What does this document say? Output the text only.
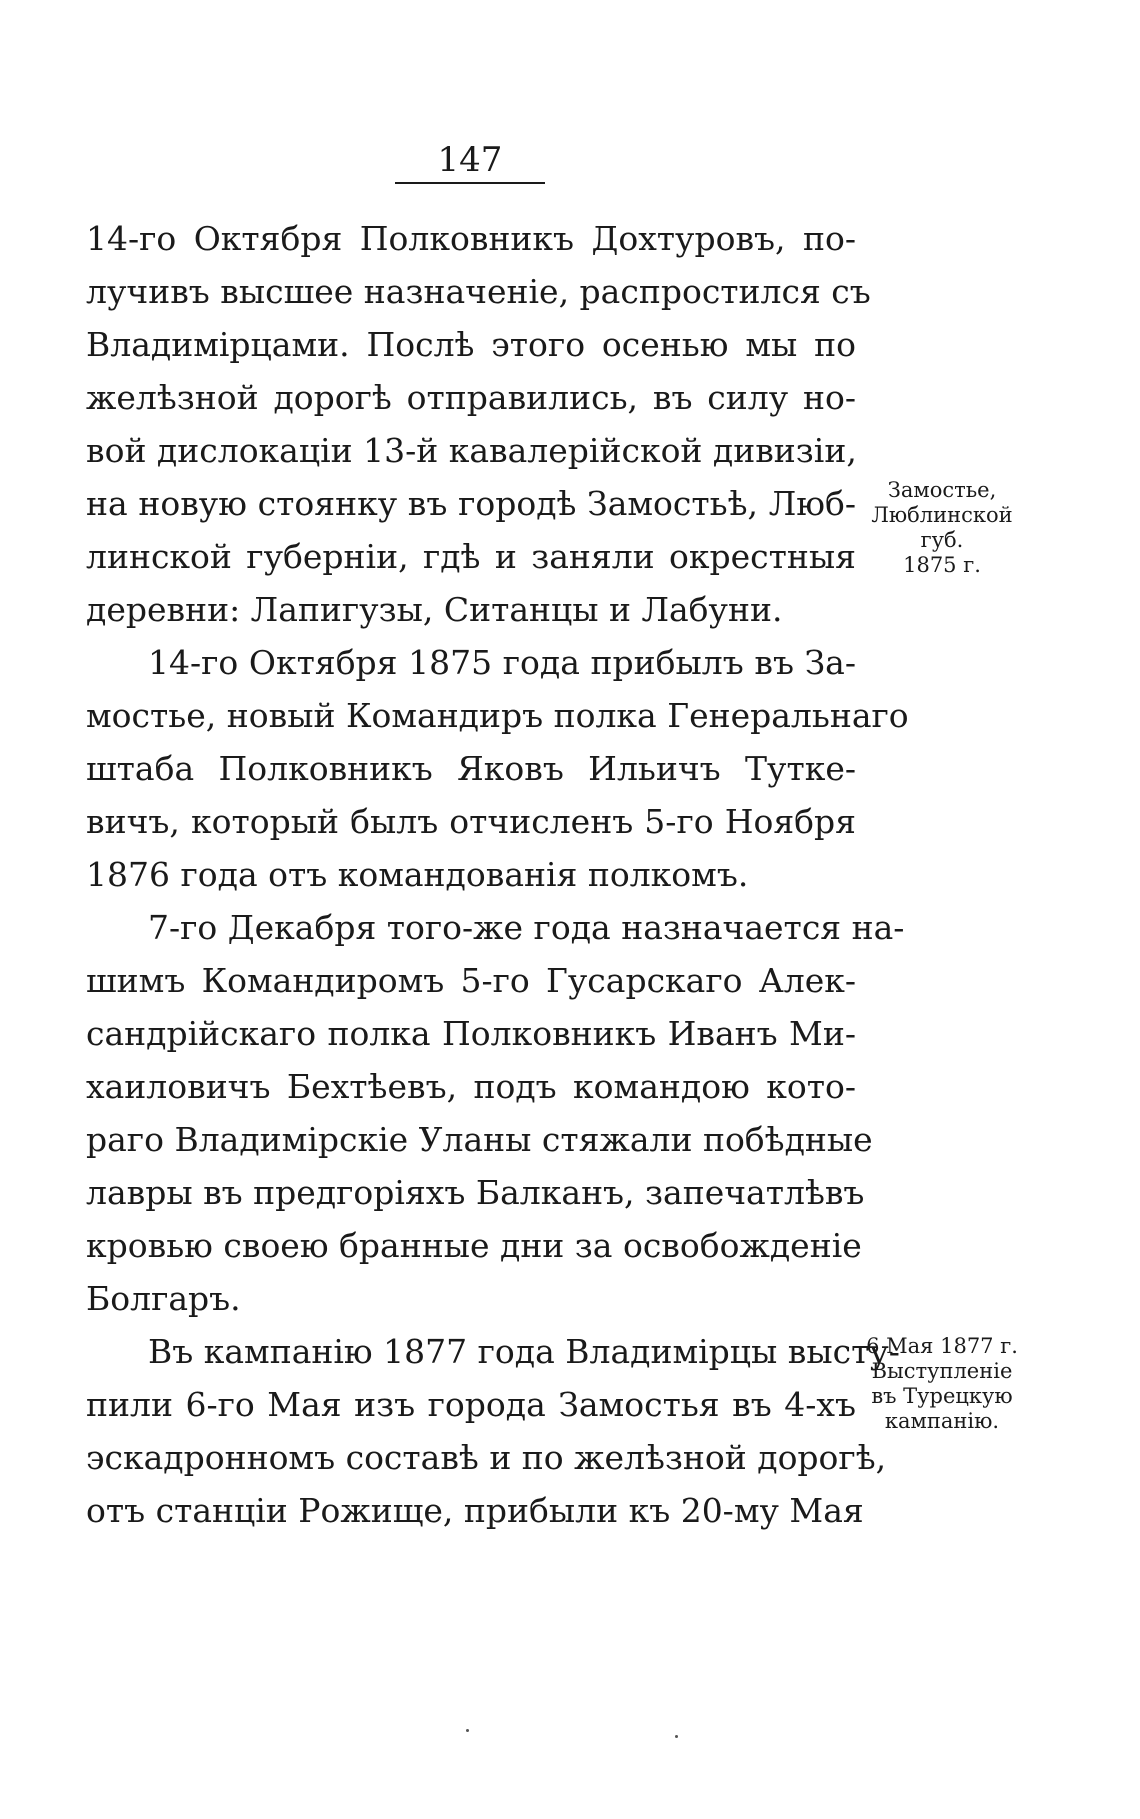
147
14-го Октября Полковникъ Дохтуровъ, по-
лучивъ высшее назначеніе, распростился съ
Владимірцами. Послѣ этого осенью мы по
желѣзной дорогѣ отправились, въ силу но-
вой дислокаціи 13-й кавалерійской дивизіи,
на новую стоянку въ городѣ Замостьѣ, Люб-
линской губерніи, гдѣ и заняли окрестныя
деревни: Лапигузы, Ситанцы и Лабуни.
14-го Октября 1875 года прибылъ въ За-
мостье, новый Командиръ полка Генеральнаго
штаба Полковникъ Яковъ Ильичъ Тутке-
вичъ, который былъ отчисленъ 5-го Ноября
1876 года отъ командованія полкомъ.
7-го Декабря того-же года назначается на-
шимъ Командиромъ 5-го Гусарскаго Алек-
сандрійскаго полка Полковникъ Иванъ Ми-
хаиловичъ Бехтѣевъ, подъ командою кото-
раго Владимірскіе Уланы стяжали побѣдные
лавры въ предгоріяхъ Балканъ, запечатлѣвъ
кровью своею бранные дни за освобожденіе
Болгаръ.
Въ кампанію 1877 года Владимірцы высту-
пили 6-го Мая изъ города Замостья въ 4-хъ
эскадронномъ составѣ и по желѣзной дорогѣ,
отъ станціи Рожище, прибыли къ 20-му Мая
Замостье,
Люблинской
губ.
1875 г.
6 Мая 1877 г.
Выступленіе
въ Турецкую
кампанію.
